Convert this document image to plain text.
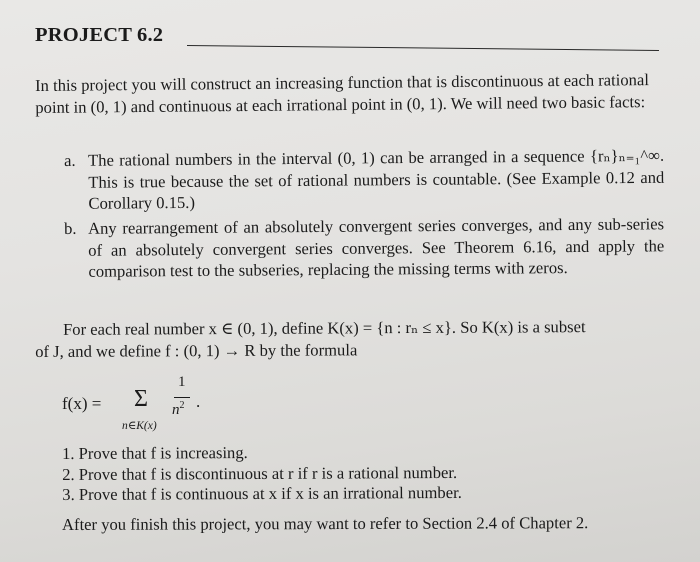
PROJECT 6.2
In this project you will construct an increasing function that is discontinuous at each rational point in (0, 1) and continuous at each irrational point in (0, 1). We will need two basic facts:
a. The rational numbers in the interval (0, 1) can be arranged in a sequence {rₙ}ₙ₌₁^∞. This is true because the set of rational numbers is countable. (See Example 0.12 and Corollary 0.15.)
b. Any rearrangement of an absolutely convergent series converges, and any sub-series of an absolutely convergent series converges. See Theorem 6.16, and apply the comparison test to the subseries, replacing the missing terms with zeros.
For each real number x ∈ (0, 1), define K(x) = {n : rₙ ≤ x}. So K(x) is a subset
of J, and we define f : (0, 1) → R by the formula
f(x) = Σ
n∈K(x)
1
$n^2$ .
1. Prove that f is increasing.
2. Prove that f is discontinuous at r if r is a rational number.
3. Prove that f is continuous at x if x is an irrational number.
After you finish this project, you may want to refer to Section 2.4 of Chapter 2.
